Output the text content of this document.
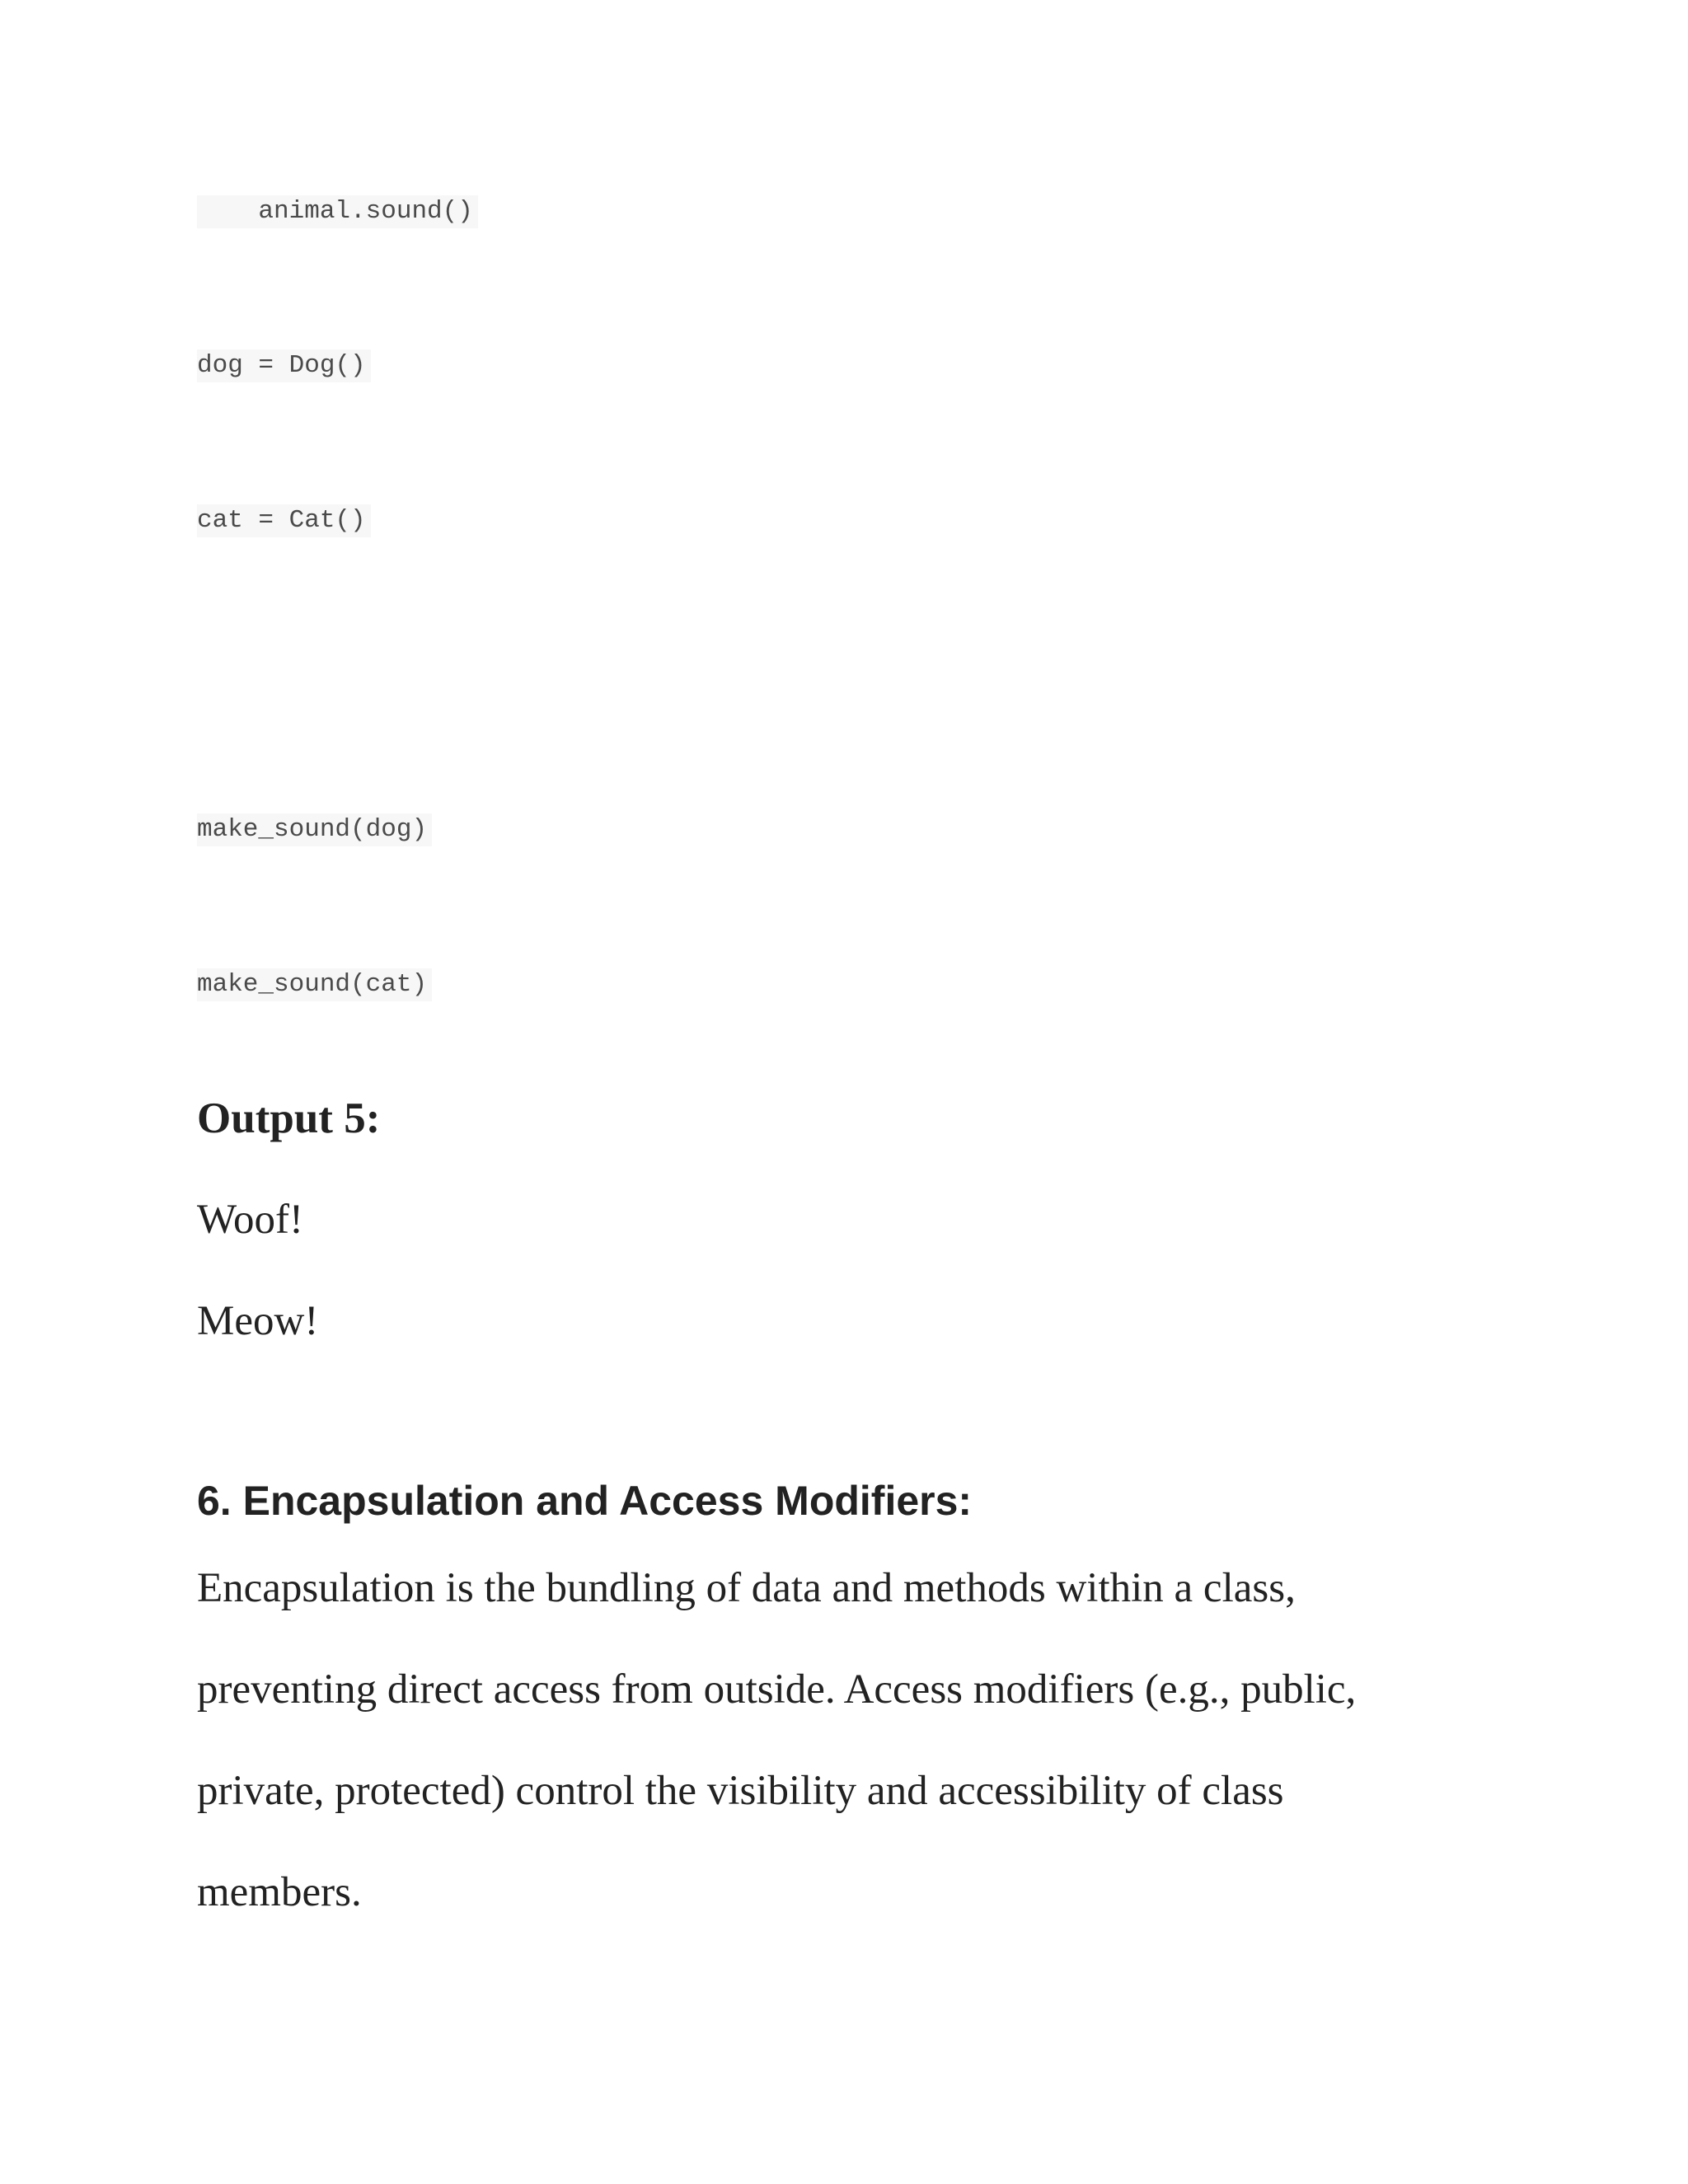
animal.sound()
dog = Dog()
cat = Cat()
make_sound(dog)
make_sound(cat)
Output 5:

Woof!

Meow!

6. Encapsulation and Access Modifiers:

Encapsulation is the bundling of data and methods within a class,

preventing direct access from outside. Access modifiers (e.g., public,

private, protected) control the visibility and accessibility of class

members.
